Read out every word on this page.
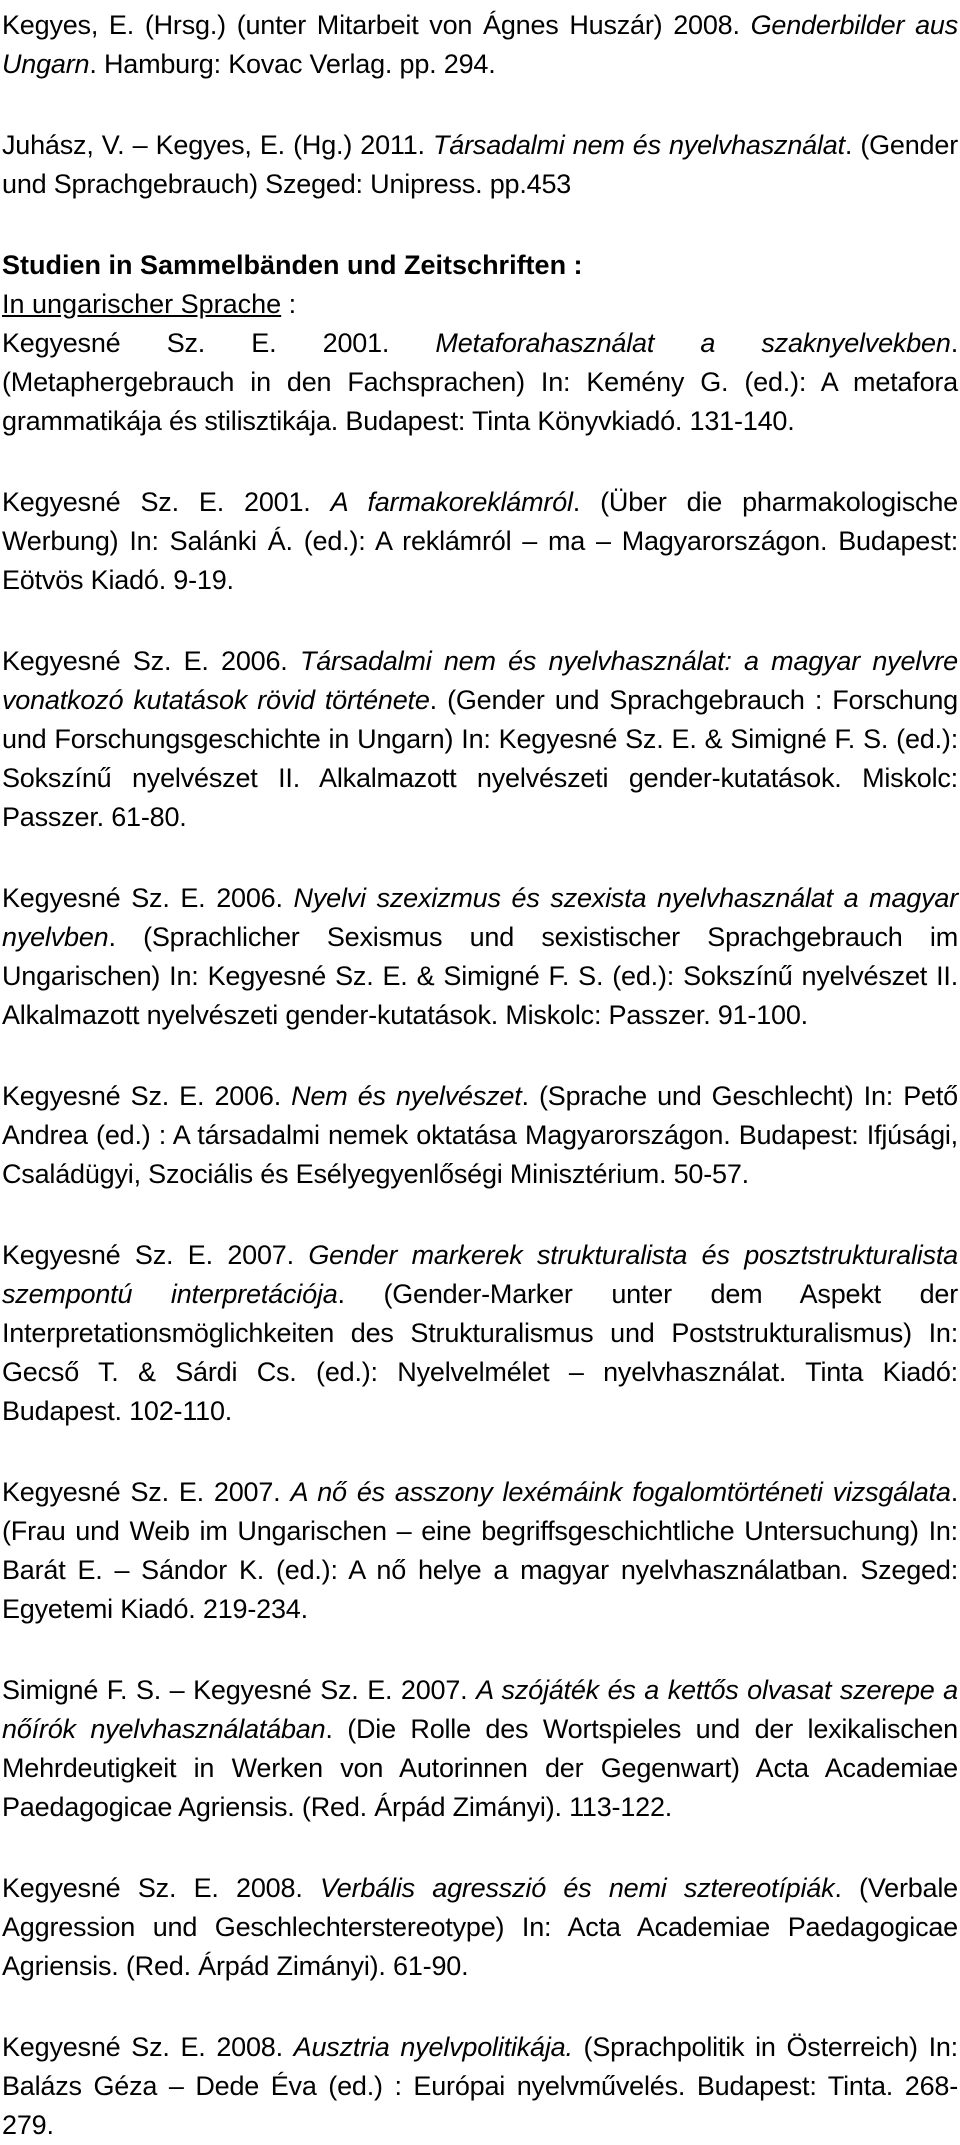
Kegyes, E. (Hrsg.) (unter Mitarbeit von Ágnes Huszár) 2008. Genderbilder aus Ungarn. Hamburg: Kovac Verlag. pp. 294.

Juhász, V. – Kegyes, E. (Hg.) 2011. Társadalmi nem és nyelvhasználat. (Gender und Sprachgebrauch) Szeged: Unipress. pp.453

Studien in Sammelbänden und Zeitschriften :

In ungarischer Sprache :

Kegyesné Sz. E. 2001. Metaforahasználat a szaknyelvekben. (Metaphergebrauch in den Fachsprachen) In: Kemény G. (ed.): A metafora grammatikája és stilisztikája. Budapest: Tinta Könyvkiadó. 131-140.

Kegyesné Sz. E. 2001. A farmakoreklámról. (Über die pharmakologische Werbung) In: Salánki Á. (ed.): A reklámról – ma – Magyarországon. Budapest: Eötvös Kiadó. 9-19.

Kegyesné Sz. E. 2006. Társadalmi nem és nyelvhasználat: a magyar nyelvre vonatkozó kutatások rövid története. (Gender und Sprachgebrauch : Forschung und Forschungsgeschichte in Ungarn) In: Kegyesné Sz. E. & Simigné F. S. (ed.): Sokszínű nyelvészet II. Alkalmazott nyelvészeti gender-kutatások. Miskolc: Passzer. 61-80.

Kegyesné Sz. E. 2006. Nyelvi szexizmus és szexista nyelvhasználat a magyar nyelvben. (Sprachlicher Sexismus und sexistischer Sprachgebrauch im Ungarischen) In: Kegyesné Sz. E. & Simigné F. S. (ed.): Sokszínű nyelvészet II. Alkalmazott nyelvészeti gender-kutatások. Miskolc: Passzer. 91-100.

Kegyesné Sz. E. 2006. Nem és nyelvészet. (Sprache und Geschlecht) In: Pető Andrea (ed.) : A társadalmi nemek oktatása Magyarországon. Budapest: Ifjúsági, Családügyi, Szociális és Esélyegyenlőségi Minisztérium. 50-57.

Kegyesné Sz. E. 2007. Gender markerek strukturalista és posztstrukturalista szempontú interpretációja. (Gender-Marker unter dem Aspekt der Interpretationsmöglichkeiten des Strukturalismus und Poststrukturalismus) In: Gecső T. & Sárdi Cs. (ed.): Nyelvelmélet – nyelvhasználat. Tinta Kiadó: Budapest. 102-110.

Kegyesné Sz. E. 2007. A nő és asszony lexémáink fogalomtörténeti vizsgálata. (Frau und Weib im Ungarischen – eine begriffsgeschichtliche Untersuchung) In: Barát E. – Sándor K. (ed.): A nő helye a magyar nyelvhasználatban. Szeged: Egyetemi Kiadó. 219-234.

Simigné F. S. – Kegyesné Sz. E. 2007. A szójáték és a kettős olvasat szerepe a nőírók nyelvhasználatában. (Die Rolle des Wortspieles und der lexikalischen Mehrdeutigkeit in Werken von Autorinnen der Gegenwart) Acta Academiae Paedagogicae Agriensis. (Red. Árpád Zimányi). 113-122.

Kegyesné Sz. E. 2008. Verbális agresszió és nemi sztereotípiák. (Verbale Aggression und Geschlechterstereotype) In: Acta Academiae Paedagogicae Agriensis. (Red. Árpád Zimányi). 61-90.

Kegyesné Sz. E. 2008. Ausztria nyelvpolitikája. (Sprachpolitik in Österreich) In: Balázs Géza – Dede Éva (ed.) : Európai nyelvművelés. Budapest: Tinta. 268-279.
